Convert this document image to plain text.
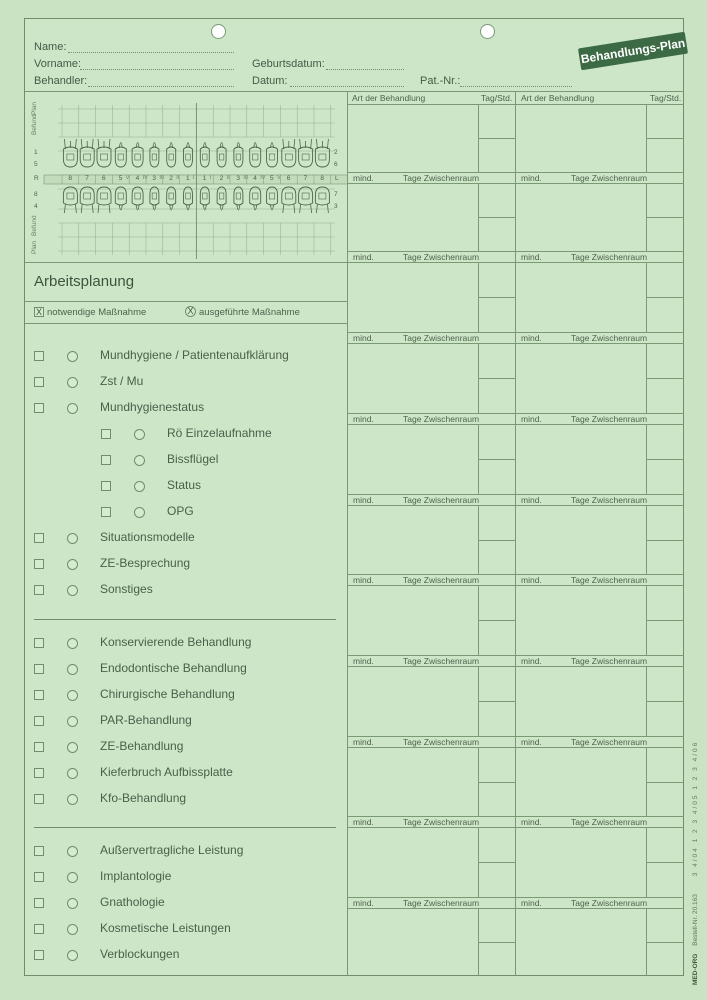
Behandlungs-Plan
Name:
Vorname:
Behandler:
Geburtsdatum:
Datum:	Pat.-Nr.:
Befund
Plan
Befund
Plan
8 7 6 5 4 3 2 1 1 2 3 4 5 6 7 8
V IV III II	I	I	II III IV V
R	L
1
5
8
4
2
6
7
3
Arbeitsplanung
X notwendige Maßnahme	X ausgeführte Maßnahme
Mundhygiene / Patientenaufklärung
Zst / Mu
Mundhygienestatus
Rö Einzelaufnahme
Bissflügel
Status
OPG
Situationsmodelle
ZE-Besprechung
Sonstiges
Konservierende Behandlung
Endodontische Behandlung
Chirurgische Behandlung
PAR-Behandlung
ZE-Behandlung
Kieferbruch Aufbissplatte
Kfo-Behandlung
Außervertragliche Leistung
Implantologie
Gnathologie
Kosmetische Leistungen
Verblockungen
Art der Behandlung	Tag/Std. Art der Behandlung	Tag/Std.
mind.	Tage Zwischenraum	mind.	Tage Zwischenraum
mind.	Tage Zwischenraum	mind.	Tage Zwischenraum
mind.	Tage Zwischenraum	mind.	Tage Zwischenraum
mind.	Tage Zwischenraum	mind.	Tage Zwischenraum
mind.	Tage Zwischenraum	mind.	Tage Zwischenraum
mind.	Tage Zwischenraum	mind.	Tage Zwischenraum
mind.	Tage Zwischenraum	mind.	Tage Zwischenraum
mind.	Tage Zwischenraum	mind.	Tage Zwischenraum
mind.	Tage Zwischenraum	mind.	Tage Zwischenraum
mind.	Tage Zwischenraum	mind.	Tage Zwischenraum
MED-ORG Bestell-Nr. 20.163 3 4/04 1 2 3 4/05 1 2 3 4/06
